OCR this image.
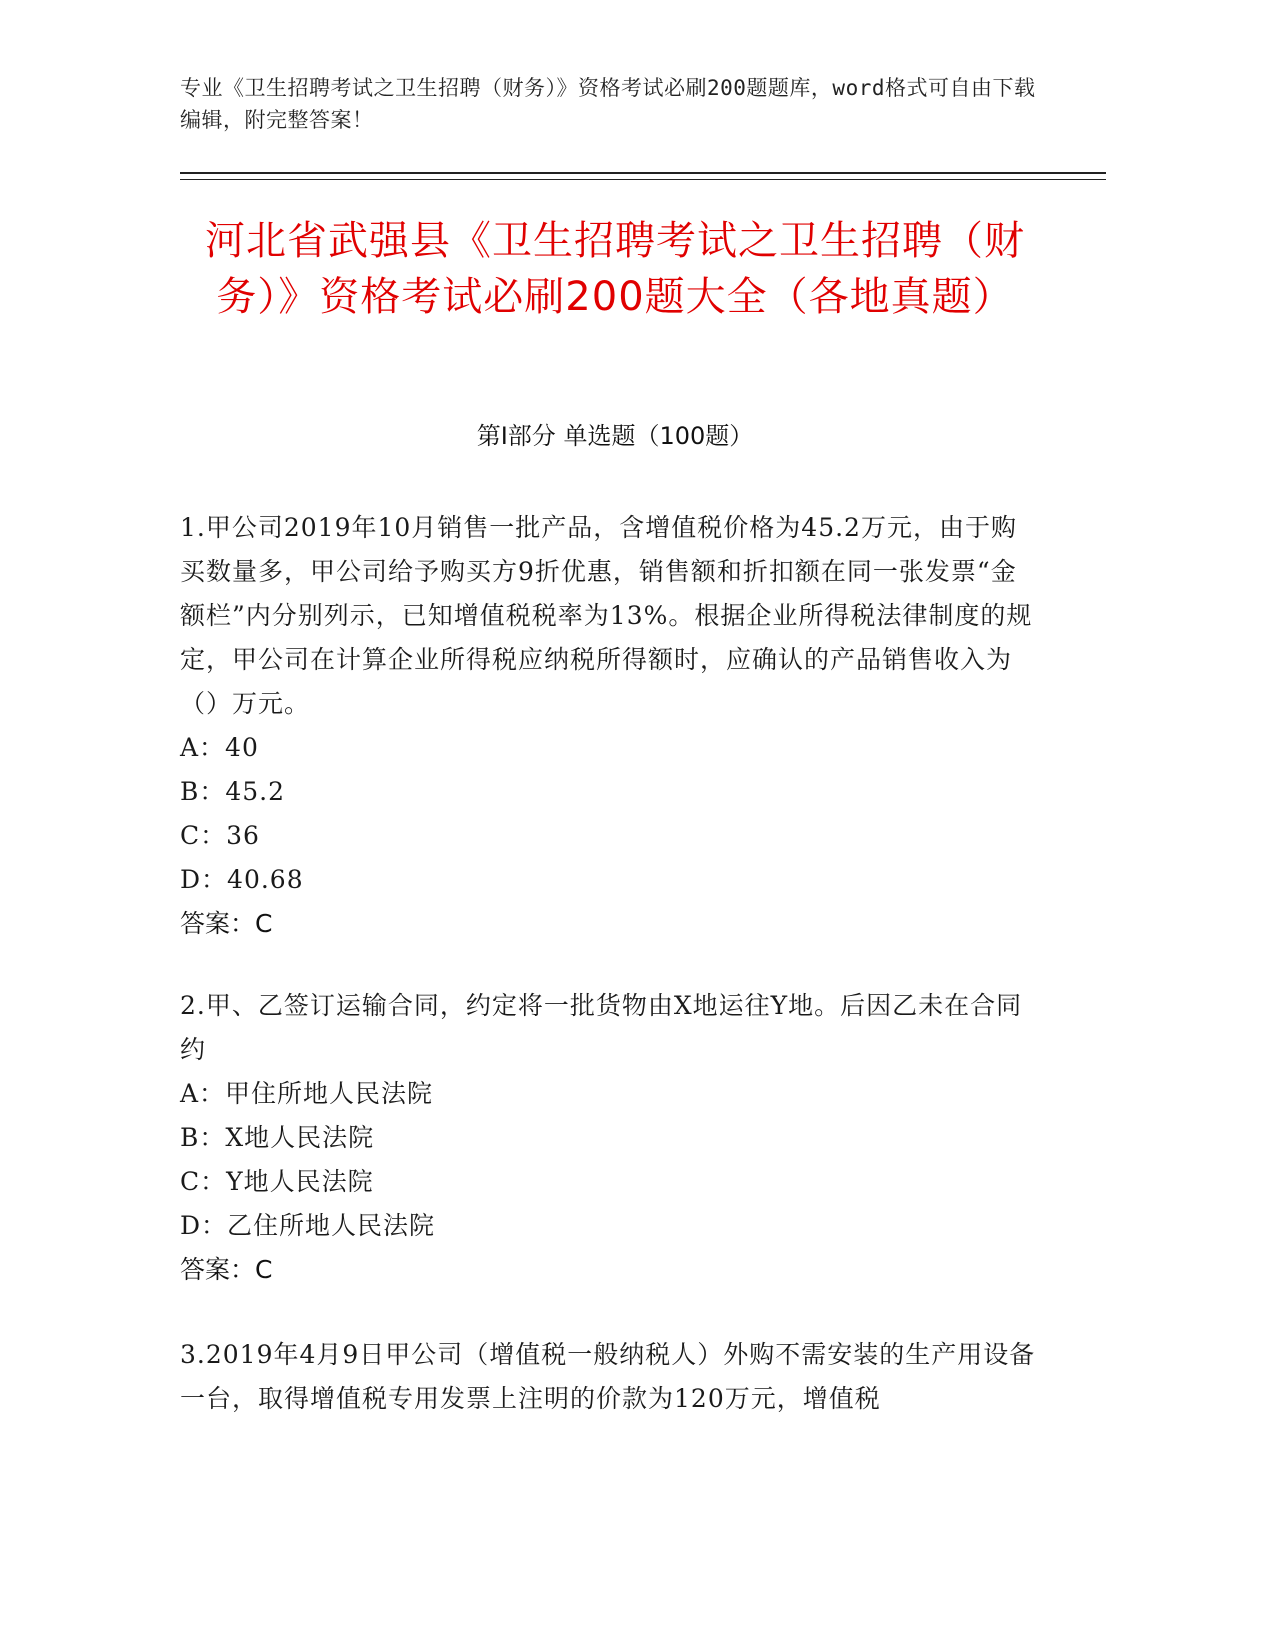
专业《卫生招聘考试之卫生招聘（财务）》资格考试必刷200题题库，word格式可自由下载编辑，附完整答案！
河北省武强县《卫生招聘考试之卫生招聘（财务）》资格考试必刷200题大全（各地真题）
第I部分 单选题（100题）
1.甲公司2019年10月销售一批产品，含增值税价格为45.2万元，由于购买数量多，甲公司给予购买方9折优惠，销售额和折扣额在同一张发票“金额栏”内分别列示，已知增值税税率为13%。根据企业所得税法律制度的规定，甲公司在计算企业所得税应纳税所得额时，应确认的产品销售收入为（）万元。
A：40
B：45.2
C：36
D：40.68
答案：C
2.甲、乙签订运输合同，约定将一批货物由X地运往Y地。后因乙未在合同约
A：甲住所地人民法院
B：X地人民法院
C：Y地人民法院
D：乙住所地人民法院
答案：C
3.2019年4月9日甲公司（增值税一般纳税人）外购不需安装的生产用设备一台，取得增值税专用发票上注明的价款为120万元，增值税
